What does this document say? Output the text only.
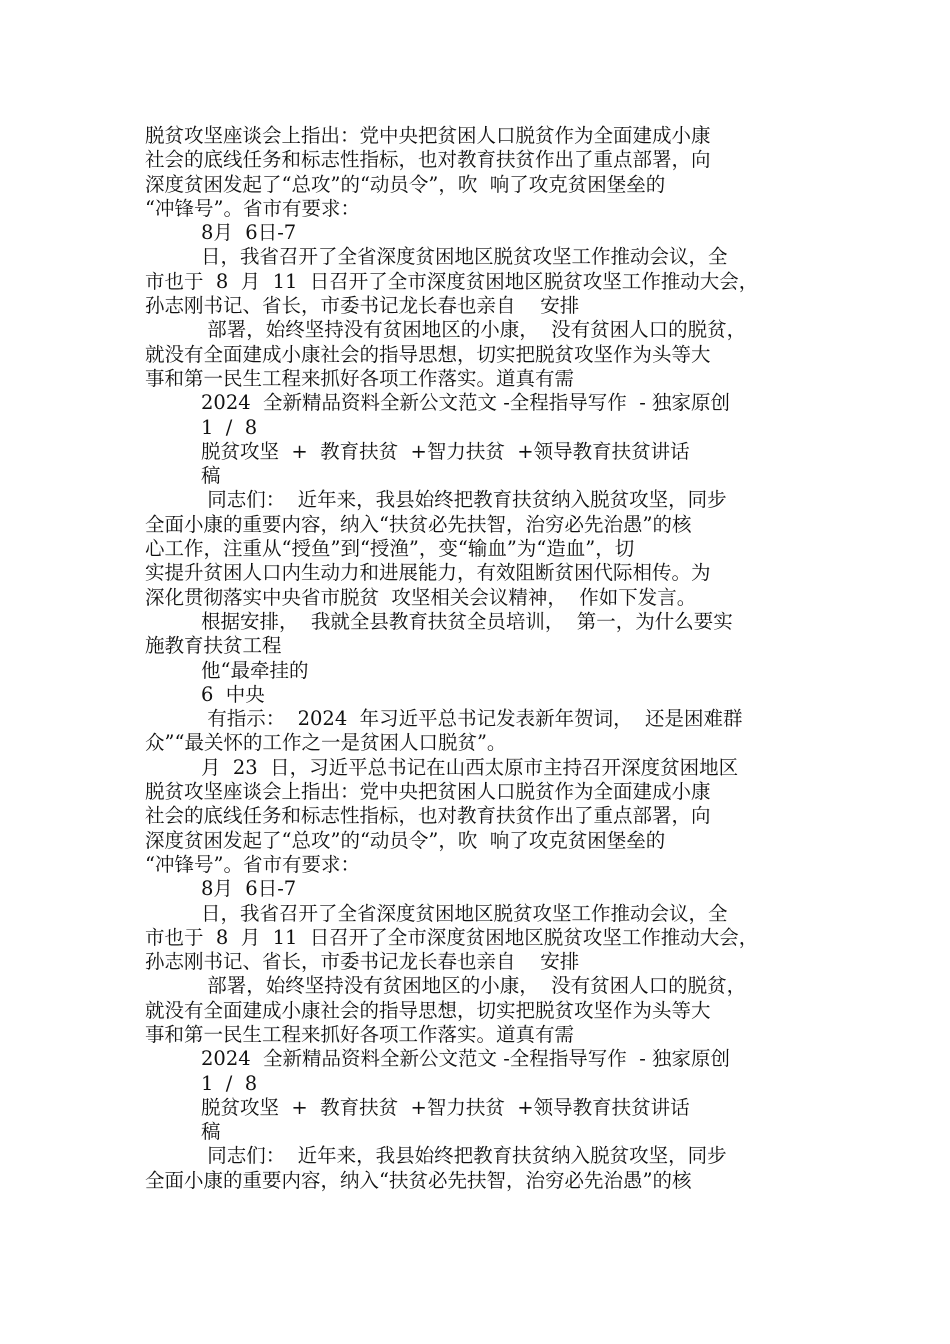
脱贫攻坚座谈会上指出：党中央把贫困人口脱贫作为全面建成小康
社会的底线任务和标志性指标，也对教育扶贫作出了重点部署，向
深度贫困发起了“总攻”的“动员令”，吹  响了攻克贫困堡垒的
“冲锋号”。省市有要求：
8月  6日-7
日，我省召开了全省深度贫困地区脱贫攻坚工作推动会议，全
市也于  8  月  11  日召开了全市深度贫困地区脱贫攻坚工作推动大会，
孙志刚书记、省长，市委书记龙长春也亲自    安排
部署，始终坚持没有贫困地区的小康，  没有贫困人口的脱贫，
就没有全面建成小康社会的指导思想，切实把脱贫攻坚作为头等大
事和第一民生工程来抓好各项工作落实。道真有需
2024  全新精品资料全新公文范文 -全程指导写作  - 独家原创
1  /  8
脱贫攻坚  +  教育扶贫  +智力扶贫  +领导教育扶贫讲话
稿
同志们：  近年来，我县始终把教育扶贫纳入脱贫攻坚，同步
全面小康的重要内容，纳入“扶贫必先扶智，治穷必先治愚”的核
心工作，注重从“授鱼”到“授渔”，变“输血”为“造血”，切
实提升贫困人口内生动力和进展能力，有效阻断贫困代际相传。为
深化贯彻落实中央省市脱贫  攻坚相关会议精神，  作如下发言。
根据安排，  我就全县教育扶贫全员培训，  第一，为什么要实
施教育扶贫工程
他“最牵挂的
6  中央
有指示：  2024  年习近平总书记发表新年贺词，  还是困难群
众”“最关怀的工作之一是贫困人口脱贫”。
月  23  日，习近平总书记在山西太原市主持召开深度贫困地区
脱贫攻坚座谈会上指出：党中央把贫困人口脱贫作为全面建成小康
社会的底线任务和标志性指标，也对教育扶贫作出了重点部署，向
深度贫困发起了“总攻”的“动员令”，吹  响了攻克贫困堡垒的
“冲锋号”。省市有要求：
8月  6日-7
日，我省召开了全省深度贫困地区脱贫攻坚工作推动会议，全
市也于  8  月  11  日召开了全市深度贫困地区脱贫攻坚工作推动大会，
孙志刚书记、省长，市委书记龙长春也亲自    安排
部署，始终坚持没有贫困地区的小康，  没有贫困人口的脱贫，
就没有全面建成小康社会的指导思想，切实把脱贫攻坚作为头等大
事和第一民生工程来抓好各项工作落实。道真有需
2024  全新精品资料全新公文范文 -全程指导写作  - 独家原创
1  /  8
脱贫攻坚  +  教育扶贫  +智力扶贫  +领导教育扶贫讲话
稿
同志们：  近年来，我县始终把教育扶贫纳入脱贫攻坚，同步
全面小康的重要内容，纳入“扶贫必先扶智，治穷必先治愚”的核
